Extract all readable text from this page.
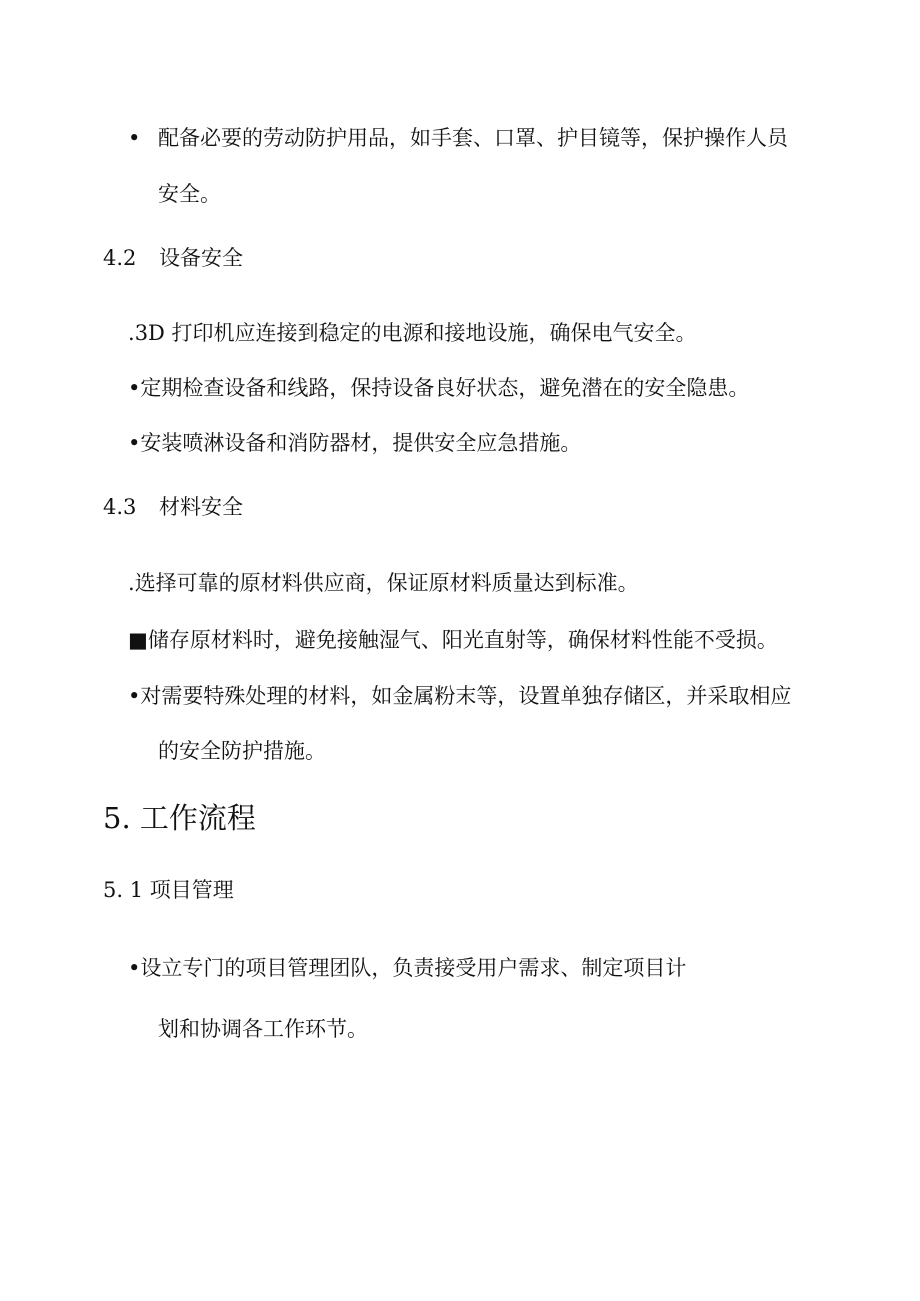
• 配备必要的劳动防护用品，如手套、口罩、护目镜等，保护操作人员
安全。
4.2 设备安全
.3D 打印机应连接到稳定的电源和接地设施，确保电气安全。
•定期检查设备和线路，保持设备良好状态，避免潜在的安全隐患。
•安装喷淋设备和消防器材，提供安全应急措施。
4.3 材料安全
.选择可靠的原材料供应商，保证原材料质量达到标准。
■储存原材料时，避免接触湿气、阳光直射等，确保材料性能不受损。
•对需要特殊处理的材料，如金属粉末等，设置单独存储区，并采取相应
的安全防护措施。
5. 工作流程
5. 1 项目管理
•设立专门的项目管理团队，负责接受用户需求、制定项目计
划和协调各工作环节。
